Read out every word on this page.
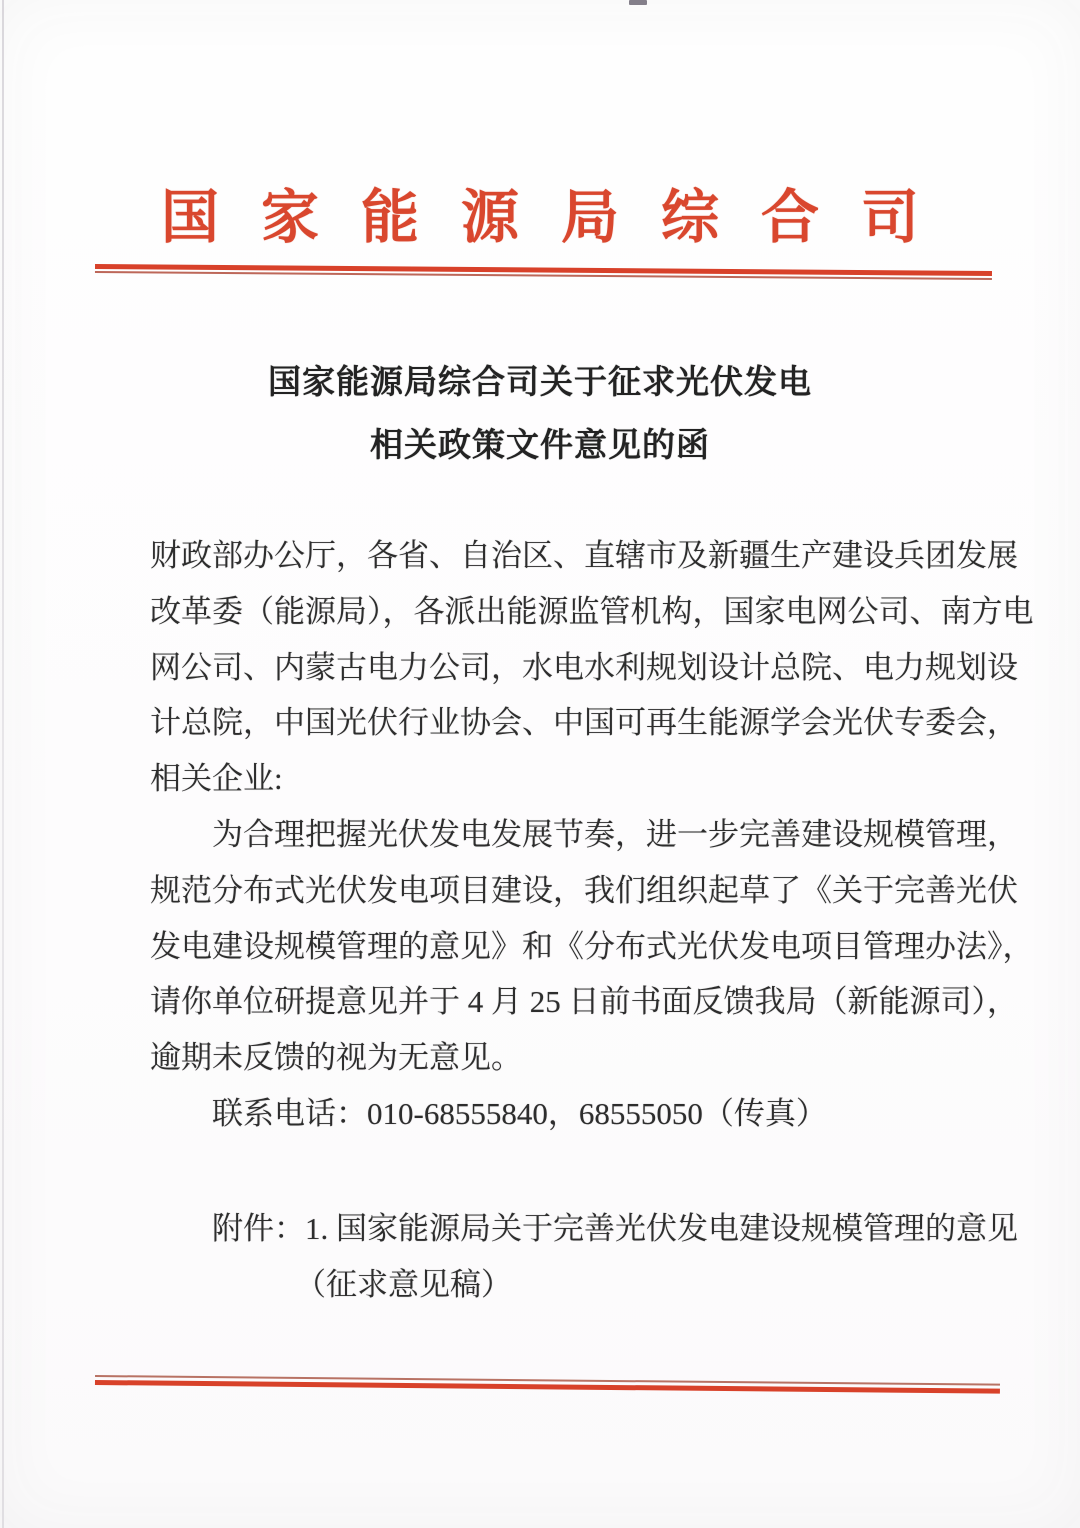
国家能源局综合司
国家能源局综合司关于征求光伏发电
相关政策文件意见的函
财政部办公厅，各省、自治区、直辖市及新疆生产建设兵团发展
改革委（能源局），各派出能源监管机构，国家电网公司、南方电
网公司、内蒙古电力公司，水电水利规划设计总院、电力规划设
计总院，中国光伏行业协会、中国可再生能源学会光伏专委会，
相关企业:
为合理把握光伏发电发展节奏，进一步完善建设规模管理，
规范分布式光伏发电项目建设，我们组织起草了《关于完善光伏
发电建设规模管理的意见》和《分布式光伏发电项目管理办法》，
请你单位研提意见并于 4 月 25 日前书面反馈我局（新能源司），
逾期未反馈的视为无意见。
联系电话：010-68555840，68555050（传真）
附件：1. 国家能源局关于完善光伏发电建设规模管理的意见
（征求意见稿）
